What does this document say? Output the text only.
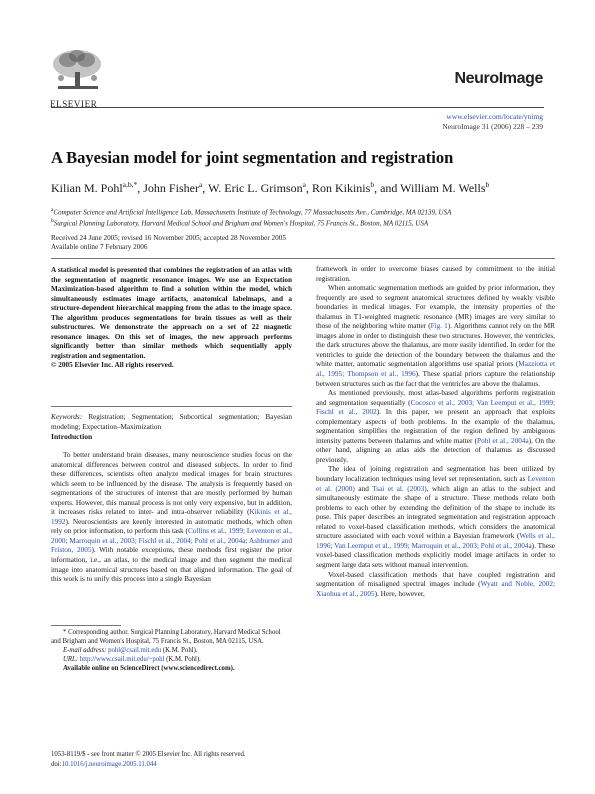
ELSEVIER
NeuroImage
www.elsevier.com/locate/ynimg
NeuroImage 31 (2006) 228 – 239
A Bayesian model for joint segmentation and registration
Kilian M. Pohl$^{a,b,*}$, John Fisher$^a$, W. Eric L. Grimson$^a$, Ron Kikinis$^b$, and William M. Wells$^b$
$^a$Computer Science and Artificial Intelligence Lab, Massachusetts Institute of Technology, 77 Massachusetts Ave., Cambridge, MA 02139, USA
$^b$Surgical Planning Laboratory, Harvard Medical School and Brigham and Women's Hospital, 75 Francis St., Boston, MA 02115, USA
Received 24 June 2005; revised 16 November 2005; accepted 28 November 2005
Available online 7 February 2006

A statistical model is presented that combines the registration of an atlas with the segmentation of magnetic resonance images. We use an Expectation Maximization-based algorithm to find a solution within the model, which simultaneously estimates image artifacts, anatomical labelmaps, and a structure-dependent hierarchical mapping from the atlas to the image space. The algorithm produces segmentations for brain tissues as well as their substructures. We demonstrate the approach on a set of 22 magnetic resonance images. On this set of images, the new approach performs significantly better than similar methods which sequentially apply registration and segmentation.

© 2005 Elsevier Inc. All rights reserved.

Keywords: Registration; Segmentation; Subcortical segmentation; Bayesian modeling; Expectation–Maximization

Introduction

To better understand brain diseases, many neuroscience studies focus on the anatomical differences between control and diseased subjects. In order to find these differences, scientists often analyze medical images for brain structures which seem to be influenced by the disease. The analysis is frequently based on segmentations of the structures of interest that are mostly performed by human experts. However, this manual process is not only very expensive, but in addition, it increases risks related to inter- and intra-observer reliability (Kikinis et al., 1992). Neuroscientists are keenly interested in automatic methods, which often rely on prior information, to perform this task (Collins et al., 1999; Leventon et al., 2000; Marroquin et al., 2003; Fischl et al., 2004; Pohl et al., 2004a; Ashburner and Friston, 2005). With notable exceptions, these methods first register the prior information, i.e., an atlas, to the medical image and then segment the medical image into anatomical structures based on that aligned information. The goal of this work is to unify this process into a single Bayesian

* Corresponding author. Surgical Planning Laboratory, Harvard Medical School and Brigham and Women's Hospital, 75 Francis St., Boston, MA 02115, USA.

E-mail address: pohl@csail.mit.edu (K.M. Pohl).

URL: http://www.csail.mit.edu/~pohl (K.M. Pohl).

Available online on ScienceDirect (www.sciencedirect.com).

1053-8119/$ - see front matter © 2005 Elsevier Inc. All rights reserved.

doi:10.1016/j.neuroimage.2005.11.044

framework in order to overcome biases caused by commitment to the initial registration.

When automatic segmentation methods are guided by prior information, they frequently are used to segment anatomical structures defined by weakly visible boundaries in medical images. For example, the intensity properties of the thalamus in T1-weighted magnetic resonance (MR) images are very similar to those of the neighboring white matter (Fig. 1). Algorithms cannot rely on the MR images alone in order to distinguish these two structures. However, the ventricles, the dark structures above the thalamus, are more easily identified. In order for the ventricles to guide the detection of the boundary between the thalamus and the white matter, automatic segmentation algorithms use spatial priors (Mazziotta et al., 1995; Thompson et al., 1996). These spatial priors capture the relationship between structures such as the fact that the ventricles are above the thalamus.

As mentioned previously, most atlas-based algorithms perform registration and segmentation sequentially (Cocosco et al., 2003; Van Leemput et al., 1999; Fischl et al., 2002). In this paper, we present an approach that exploits complementary aspects of both problems. In the example of the thalamus, segmentation simplifies the registration of the region defined by ambiguous intensity patterns between thalamus and white matter (Pohl et al., 2004a). On the other hand, aligning an atlas aids the detection of thalamus as discussed previously.

The idea of joining registration and segmentation has been utilized by boundary localization techniques using level set representation, such as Leventon et al. (2000) and Tsai et al. (2003), which align an atlas to the subject and simultaneously estimate the shape of a structure. These methods relate both problems to each other by extending the definition of the shape to include its pose. This paper describes an integrated segmentation and registration approach related to voxel-based classification methods, which considers the anatomical structure associated with each voxel within a Bayesian framework (Wells et al., 1996; Van Leemput et al., 1999; Marroquin et al., 2003; Pohl et al., 2004a). These voxel-based classification methods explicitly model image artifacts in order to segment large data sets without manual intervention.

Voxel-based classification methods that have coupled registration and segmentation of misaligned spectral images include (Wyatt and Noble, 2002; Xiaohua et al., 2005). Here, however,
